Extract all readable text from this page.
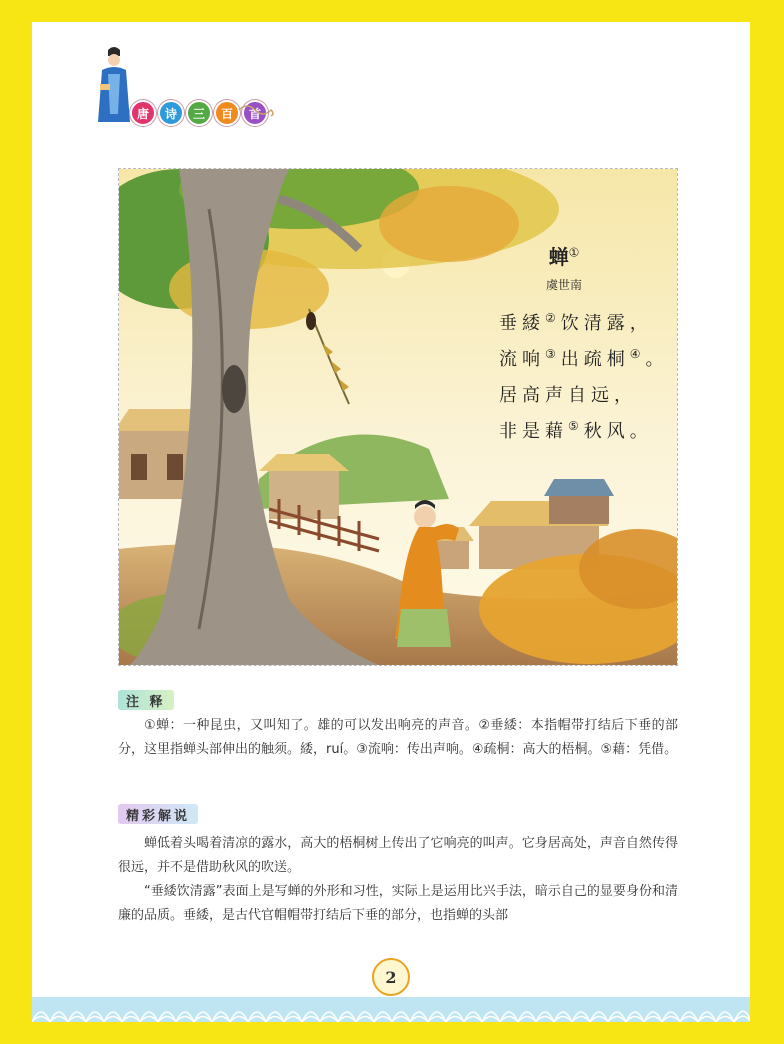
唐	诗	三	百	首
蝉①
虞世南
垂緌②饮清露，
流响③出疏桐④。
居高声自远，
非是藉⑤秋风。
注 释
①蝉：一种昆虫，又叫知了。雄的可以发出响亮的声音。②垂緌：本指帽带打结后下垂的部分，这里指蝉头部伸出的触须。緌，ruí。③流响：传出声响。④疏桐：高大的梧桐。⑤藉：凭借。
精彩解说
蝉低着头喝着清凉的露水，高大的梧桐树上传出了它响亮的叫声。它身居高处，声音自然传得很远，并不是借助秋风的吹送。
“垂緌饮清露”表面上是写蝉的外形和习性，实际上是运用比兴手法，暗示自己的显要身份和清廉的品质。垂緌，是古代官帽帽带打结后下垂的部分，也指蝉的头部
2
